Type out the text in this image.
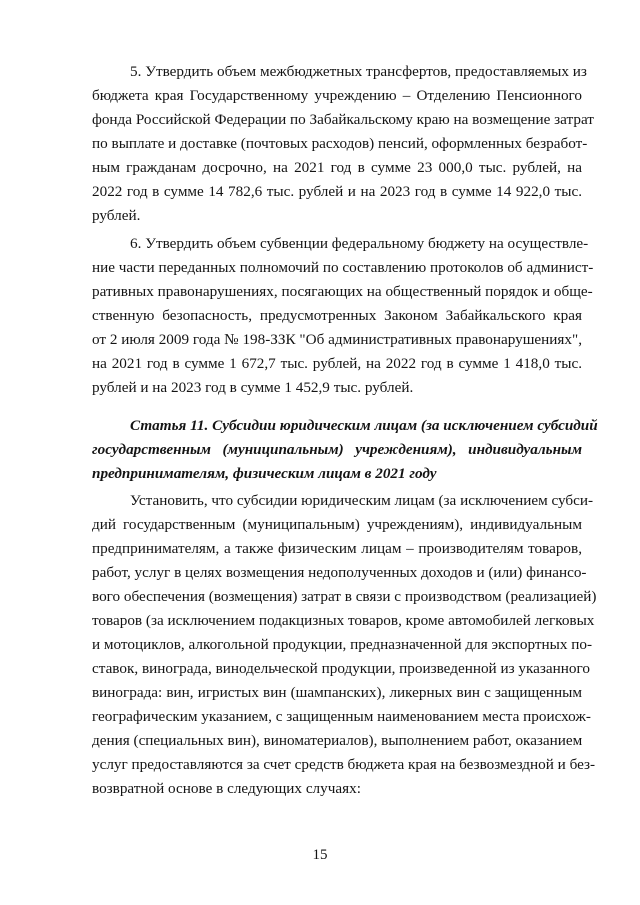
5. Утвердить объем межбюджетных трансфертов, предоставляемых из
бюджета края Государственному учреждению – Отделению Пенсионного
фонда Российской Федерации по Забайкальскому краю на возмещение затрат
по выплате и доставке (почтовых расходов) пенсий, оформленных безработ-
ным гражданам досрочно, на 2021 год в сумме 23 000,0 тыс. рублей, на
2022 год в сумме 14 782,6 тыс. рублей и на 2023 год в сумме 14 922,0 тыс.
рублей.
6. Утвердить объем субвенции федеральному бюджету на осуществле-
ние части переданных полномочий по составлению протоколов об админист-
ративных правонарушениях, посягающих на общественный порядок и обще-
ственную безопасность, предусмотренных Законом Забайкальского края
от 2 июля 2009 года № 198-ЗЗК "Об административных правонарушениях",
на 2021 год в сумме 1 672,7 тыс. рублей, на 2022 год в сумме 1 418,0 тыс.
рублей и на 2023 год в сумме 1 452,9 тыс. рублей.
Статья 11. Субсидии юридическим лицам (за исключением субсидий
государственным (муниципальным) учреждениям), индивидуальным
предпринимателям, физическим лицам в 2021 году
Установить, что субсидии юридическим лицам (за исключением субси-
дий государственным (муниципальным) учреждениям), индивидуальным
предпринимателям, а также физическим лицам – производителям товаров,
работ, услуг в целях возмещения недополученных доходов и (или) финансо-
вого обеспечения (возмещения) затрат в связи с производством (реализацией)
товаров (за исключением подакцизных товаров, кроме автомобилей легковых
и мотоциклов, алкогольной продукции, предназначенной для экспортных по-
ставок, винограда, винодельческой продукции, произведенной из указанного
винограда: вин, игристых вин (шампанских), ликерных вин с защищенным
географическим указанием, с защищенным наименованием места происхож-
дения (специальных вин), виноматериалов), выполнением работ, оказанием
услуг предоставляются за счет средств бюджета края на безвозмездной и без-
возвратной основе в следующих случаях:
15
